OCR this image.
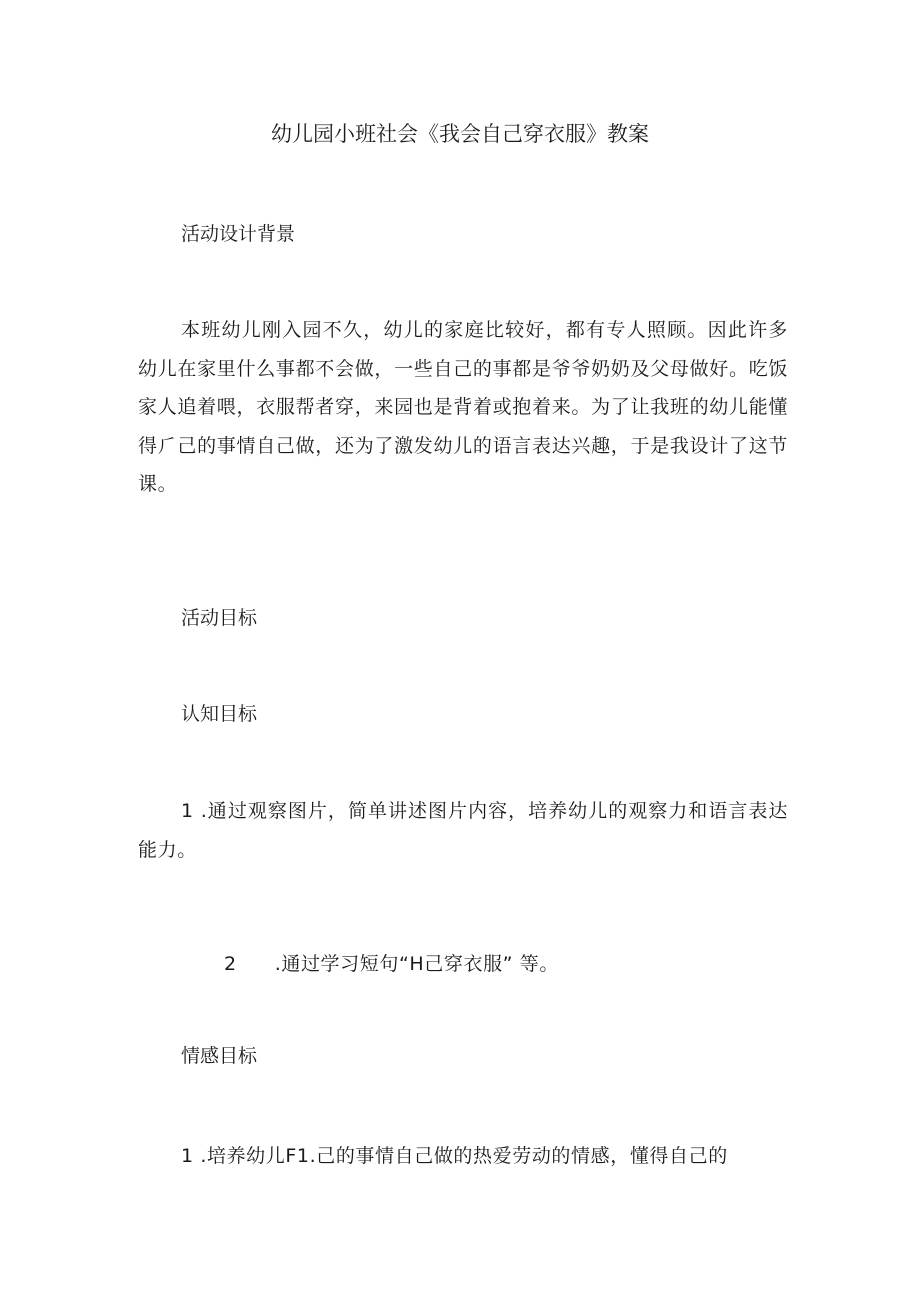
幼儿园小班社会《我会自己穿衣服》教案
活动设计背景

本班幼儿刚入园不久，幼儿的家庭比较好，都有专人照顾。因此许多幼儿在家里什么事都不会做，一些自己的事都是爷爷奶奶及父母做好。吃饭家人追着喂，衣服帮者穿，来园也是背着或抱着来。为了让我班的幼儿能懂得⺁己的事情自己做，还为了激发幼儿的语言表达兴趣，于是我设计了这节课。

活动目标
认知目标

1 .通过观察图片，简单讲述图片内容，培养幼儿的观察力和语言表达能力。

2 .通过学习短句“H己穿衣服” 等。

情感目标

1 .培养幼儿F1.己的事情自己做的热爱劳动的情感，懂得自己的
